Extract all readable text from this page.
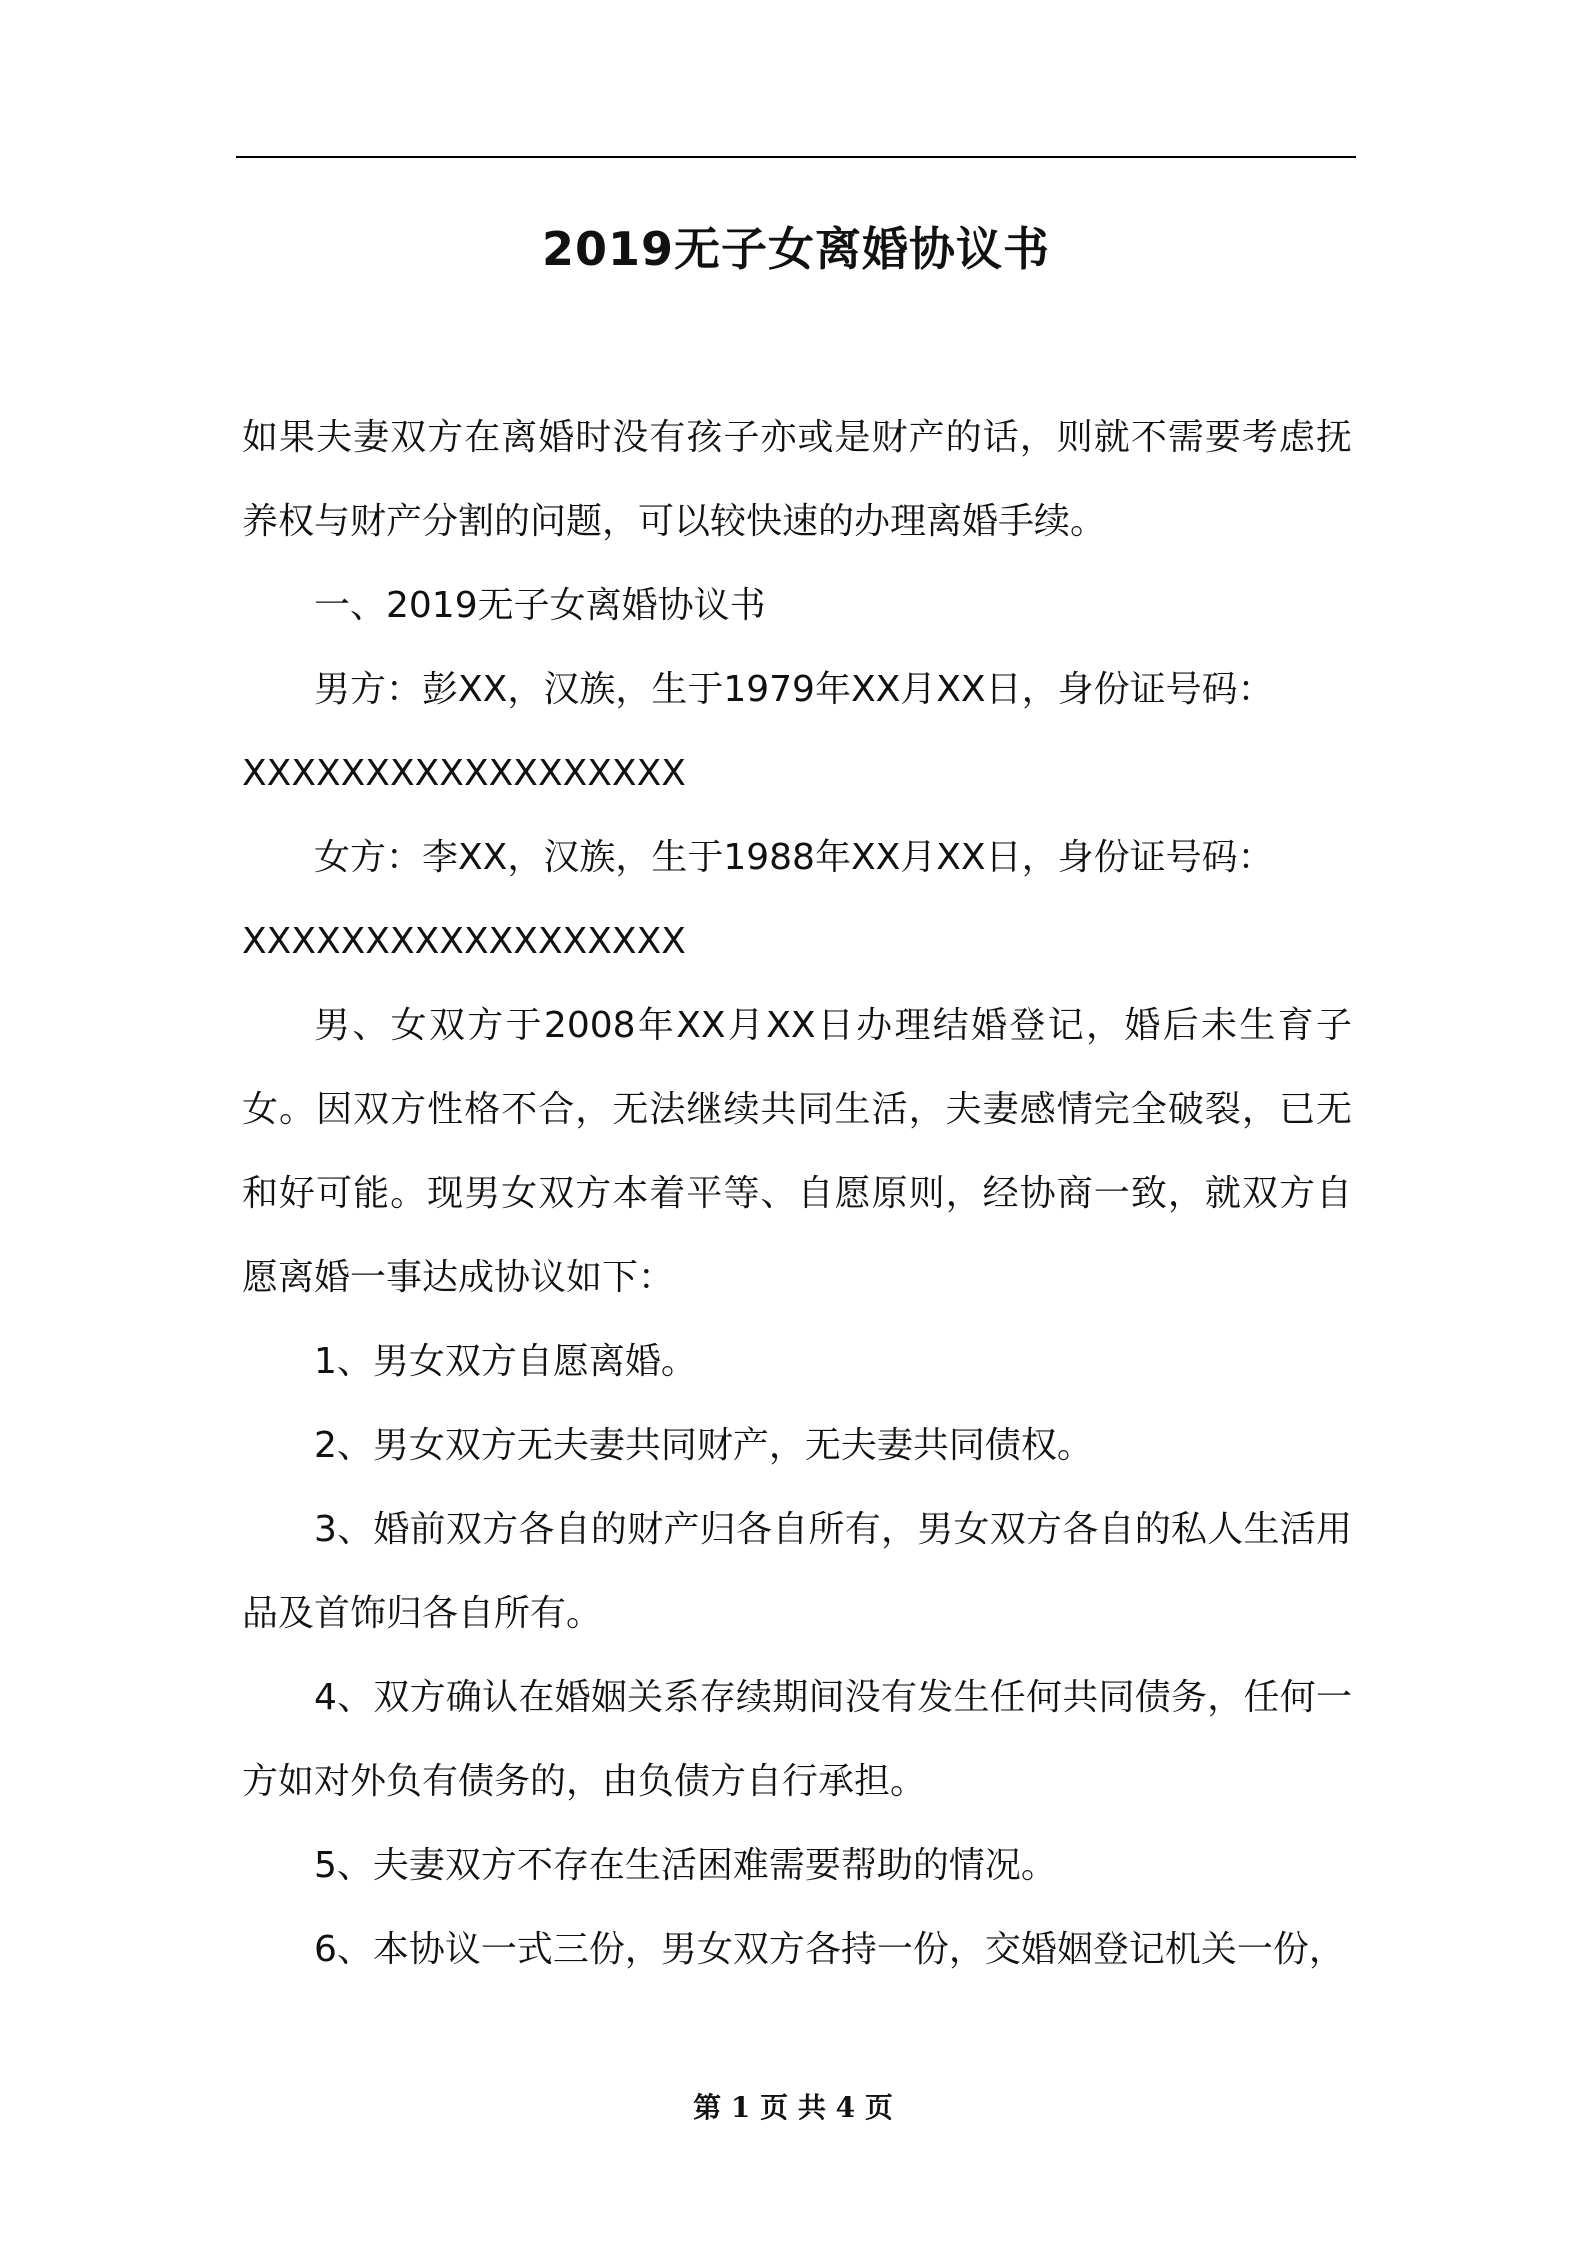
2019无子女离婚协议书

如果夫妻双方在离婚时没有孩子亦或是财产的话，则就不需要考虑抚养权与财产分割的问题，可以较快速的办理离婚手续。

一、2019无子女离婚协议书

男方：彭XX，汉族，生于1979年XX月XX日，身份证号码：

XXXXXXXXXXXXXXXXXX

女方：李XX，汉族，生于1988年XX月XX日，身份证号码：

XXXXXXXXXXXXXXXXXX

男、女双方于2008年XX月XX日办理结婚登记，婚后未生育子女。因双方性格不合，无法继续共同生活，夫妻感情完全破裂，已无和好可能。现男女双方本着平等、自愿原则，经协商一致，就双方自愿离婚一事达成协议如下：

1、男女双方自愿离婚。

2、男女双方无夫妻共同财产，无夫妻共同债权。

3、婚前双方各自的财产归各自所有，男女双方各自的私人生活用品及首饰归各自所有。

4、双方确认在婚姻关系存续期间没有发生任何共同债务，任何一方如对外负有债务的，由负债方自行承担。

5、夫妻双方不存在生活困难需要帮助的情况。

6、本协议一式三份，男女双方各持一份，交婚姻登记机关一份，

第 1 页 共 4 页
